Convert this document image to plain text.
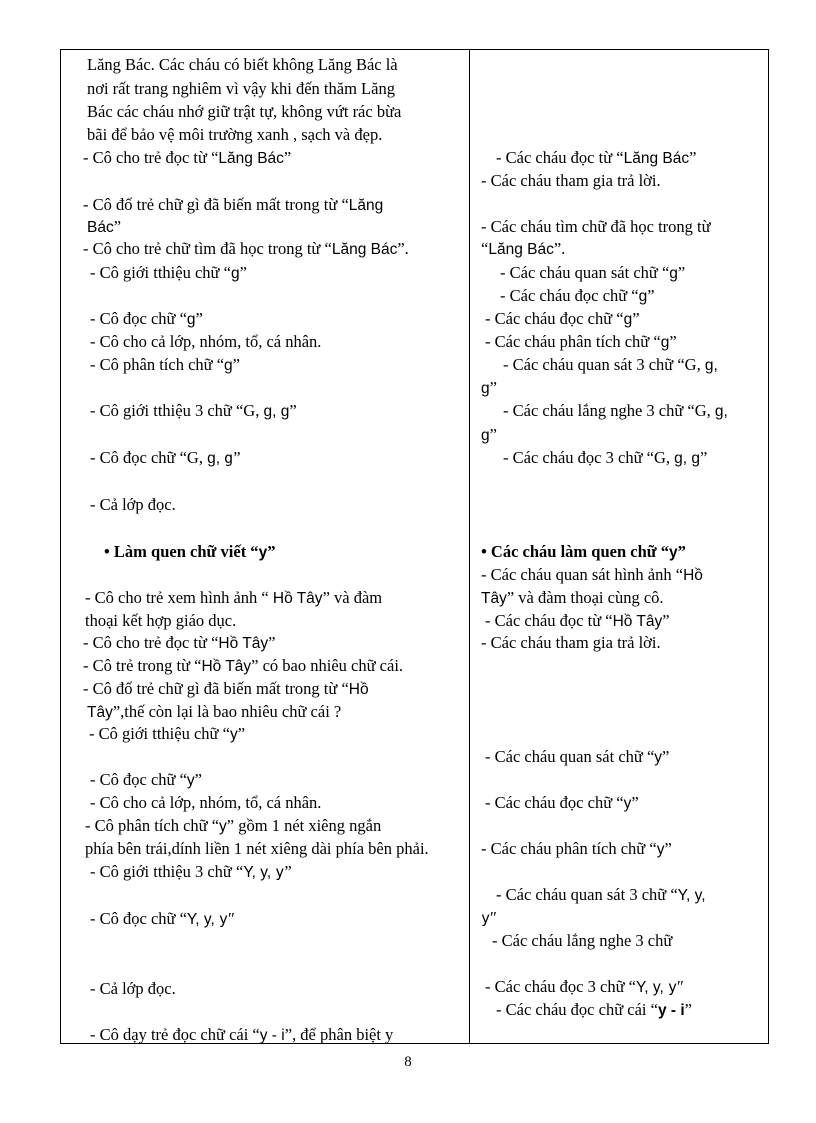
Lăng Bác. Các cháu có biết không Lăng Bác là
nơi rất trang nghiêm vì vậy khi đến thăm Lăng
Bác các cháu nhớ giữ trật tự, không vứt rác bừa
bãi để bảo vệ môi trường xanh , sạch và đẹp.
- Cô cho trẻ đọc từ “Lăng Bác”
- Cô đố trẻ chữ gì đã biến mất trong từ “Lăng
Bác”
- Cô cho trẻ chữ tìm đã học trong từ “Lăng Bác”.
- Cô giới tthiệu chữ “g”
- Cô đọc chữ “g”
- Cô cho cả lớp, nhóm, tổ, cá nhân.
- Cô phân tích chữ “g”
- Cô giới tthiệu 3 chữ “G, g, g”
- Cô đọc chữ “G, g, g”
- Cả lớp đọc.
• Làm quen chữ viết “y”
- Cô cho trẻ xem hình ảnh “ Hồ Tây” và đàm
thoại kết hợp giáo dục.
- Cô cho trẻ đọc từ “Hồ Tây”
- Cô trẻ trong từ “Hồ Tây” có bao nhiêu chữ cái.
- Cô đố trẻ chữ gì đã biến mất trong từ “Hồ
Tây”,thế còn lại là bao nhiêu chữ cái ?
- Cô giới tthiệu chữ “y”
- Cô đọc chữ “y”
- Cô cho cả lớp, nhóm, tổ, cá nhân.
- Cô phân tích chữ “y” gồm 1 nét xiêng ngắn
phía bên trái,dính liền 1 nét xiêng dài phía bên phải.
- Cô giới tthiệu 3 chữ “Y, y, y”
- Cô đọc chữ “Y, y, y″
- Cả lớp đọc.
- Cô dạy trẻ đọc chữ cái “y - i”, để phân biệt y
- Các cháu đọc từ “Lăng Bác”
- Các cháu tham gia trả lời.
- Các cháu tìm chữ đã học trong từ
“Lăng Bác”.
- Các cháu quan sát chữ “g”
- Các cháu đọc chữ “g”
- Các cháu đọc chữ “g”
- Các cháu phân tích chữ “g”
- Các cháu quan sát 3 chữ “G, g,
g”
- Các cháu lắng nghe 3 chữ “G, g,
g”
- Các cháu đọc 3 chữ “G, g, g”
• Các cháu làm quen chữ “y”
- Các cháu quan sát hình ảnh “Hồ
Tây” và đàm thoại cùng cô.
- Các cháu đọc từ “Hồ Tây”
- Các cháu tham gia trả lời.
- Các cháu quan sát chữ “y”
- Các cháu đọc chữ “y”
- Các cháu phân tích chữ “y”
- Các cháu quan sát 3 chữ “Y, y,
y″
- Các cháu lắng nghe 3 chữ
- Các cháu đọc 3 chữ “Y, y, y″
- Các cháu đọc chữ cái “y - i”
8
